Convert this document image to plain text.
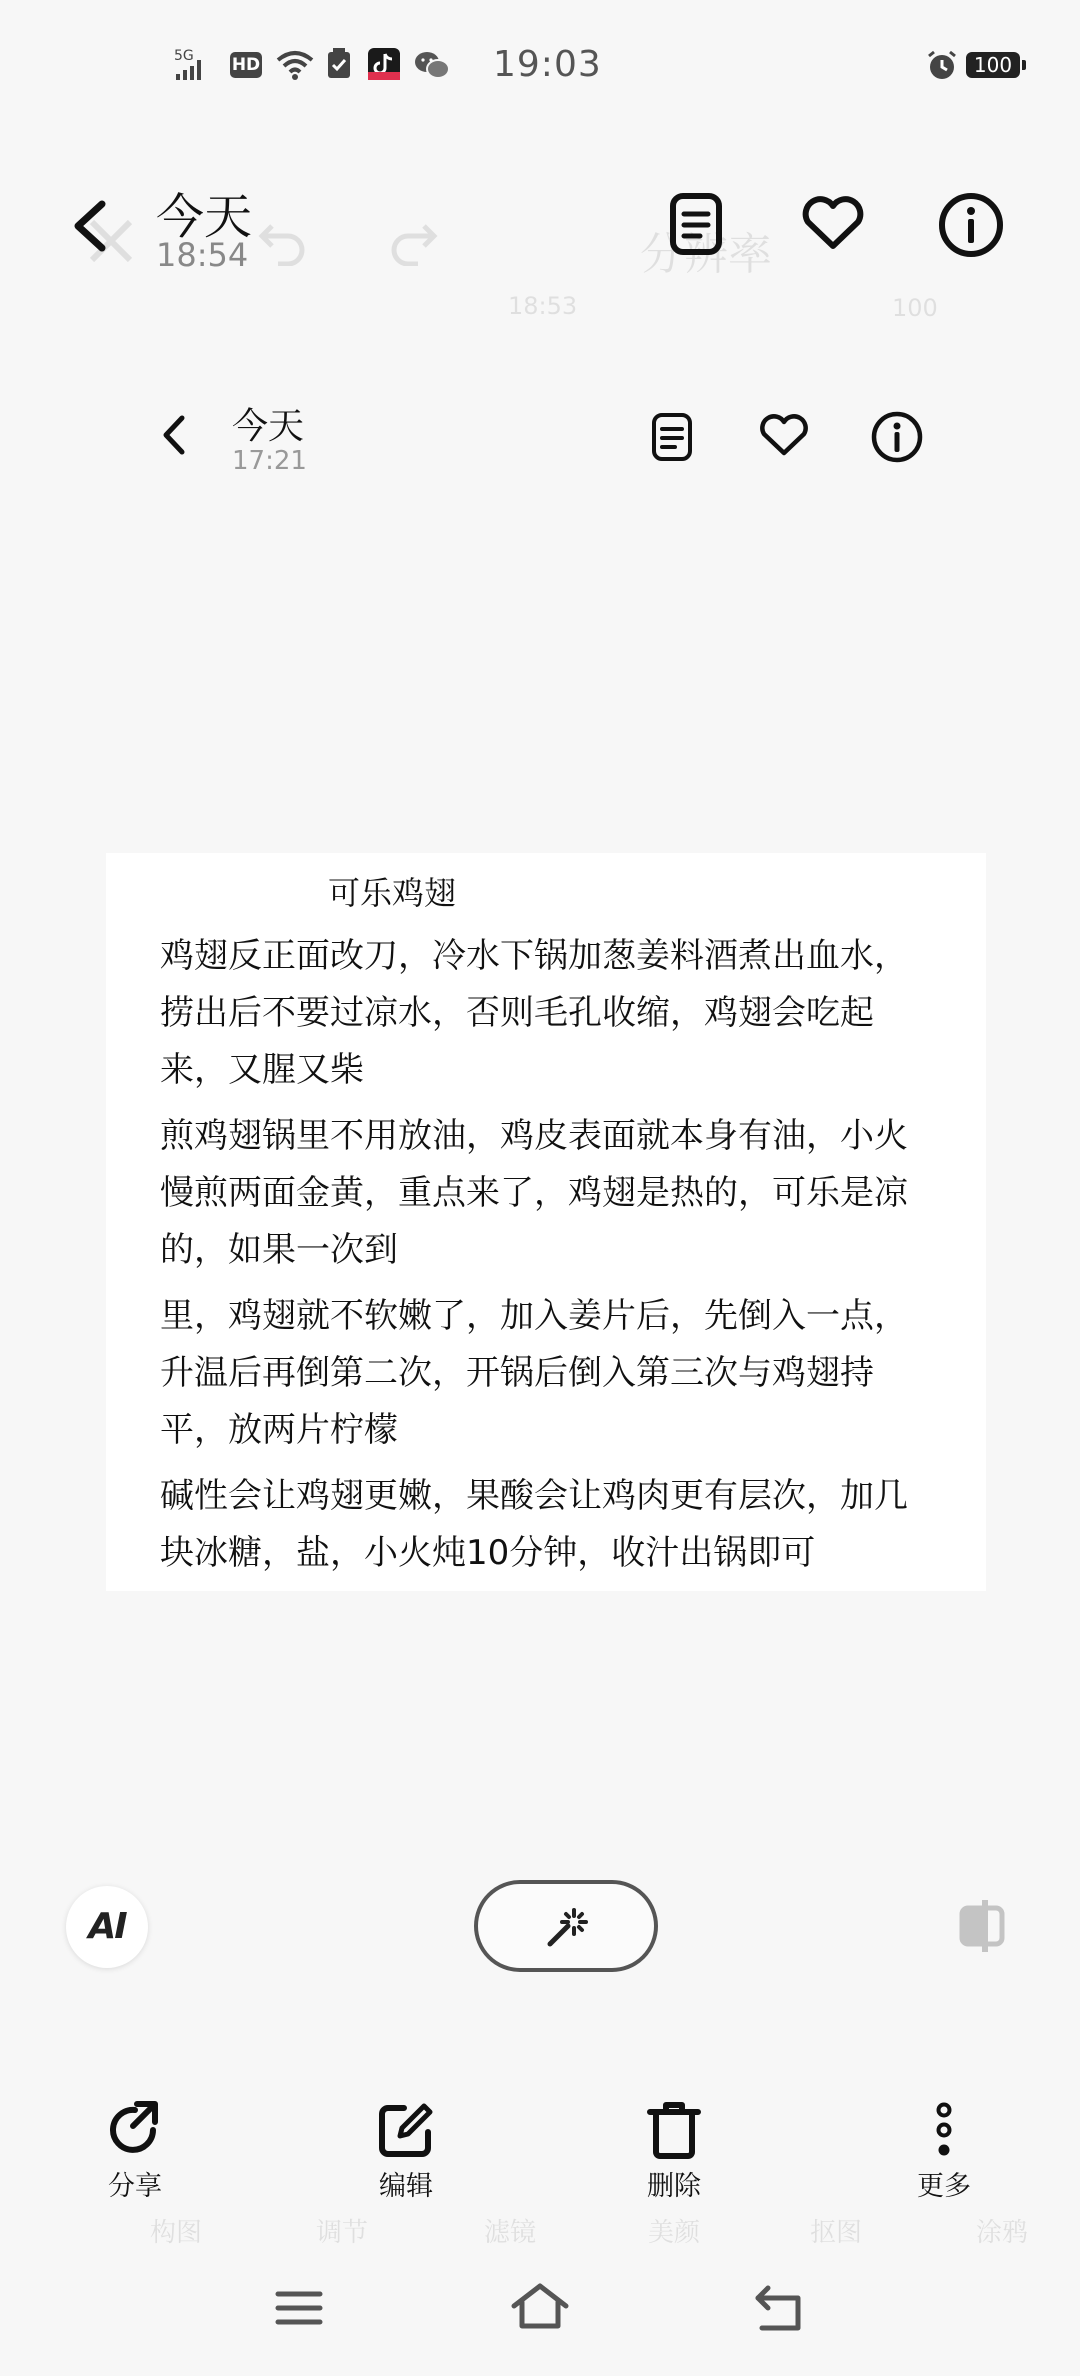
5G HD	19:03	100
分辨率
18:53	100
构图	调节	滤镜	美颜	抠图	涂鸦
今天
18:54
今天
17:21
可乐鸡翅
鸡翅反正面改刀，冷水下锅加葱姜料酒煮出血水，
捞出后不要过凉水，否则毛孔收缩，鸡翅会吃起
来，又腥又柴
煎鸡翅锅里不用放油，鸡皮表面就本身有油，小火
慢煎两面金黄，重点来了，鸡翅是热的，可乐是凉
的，如果一次到
里，鸡翅就不软嫩了，加入姜片后，先倒入一点，
升温后再倒第二次，开锅后倒入第三次与鸡翅持
平，放两片柠檬
碱性会让鸡翅更嫩，果酸会让鸡肉更有层次，加几
块冰糖，盐，小火炖10分钟，收汁出锅即可
AI
分享	编辑	删除	更多
